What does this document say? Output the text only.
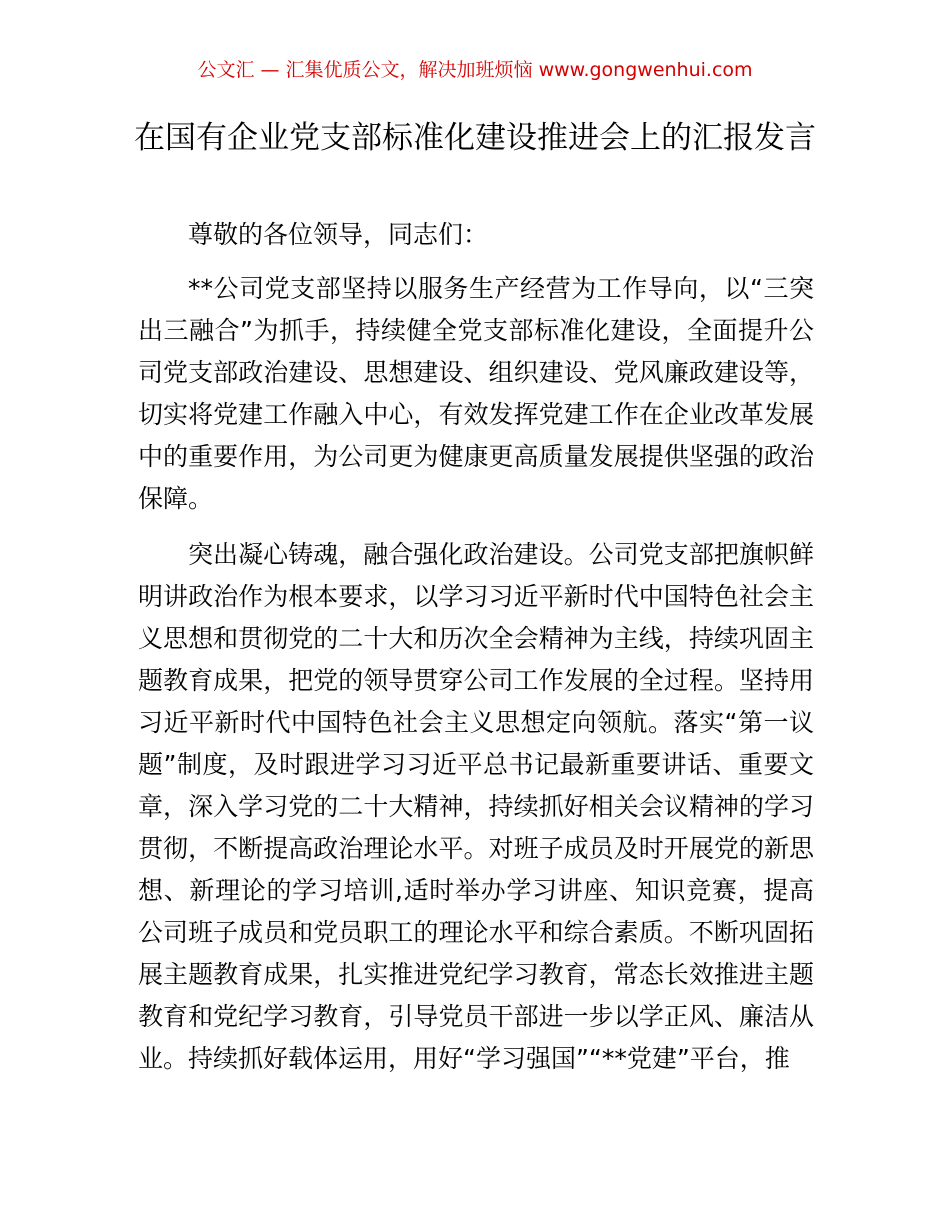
公文汇 — 汇集优质公文，解决加班烦恼 www.gongwenhui.com
在国有企业党支部标准化建设推进会上的汇报发言

尊敬的各位领导，同志们：

**公司党支部坚持以服务生产经营为工作导向，以“三突出三融合”为抓手，持续健全党支部标准化建设，全面提升公司党支部政治建设、思想建设、组织建设、党风廉政建设等，切实将党建工作融入中心，有效发挥党建工作在企业改革发展中的重要作用，为公司更为健康更高质量发展提供坚强的政治保障。

突出凝心铸魂，融合强化政治建设。公司党支部把旗帜鲜明讲政治作为根本要求，以学习习近平新时代中国特色社会主义思想和贯彻党的二十大和历次全会精神为主线，持续巩固主题教育成果，把党的领导贯穿公司工作发展的全过程。坚持用习近平新时代中国特色社会主义思想定向领航。落实“第一议题”制度，及时跟进学习习近平总书记最新重要讲话、重要文章，深入学习党的二十大精神，持续抓好相关会议精神的学习贯彻，不断提高政治理论水平。对班子成员及时开展党的新思想、新理论的学习培训,适时举办学习讲座、知识竞赛，提高公司班子成员和党员职工的理论水平和综合素质。不断巩固拓展主题教育成果，扎实推进党纪学习教育，常态长效推进主题教育和党纪学习教育，引导党员干部进一步以学正风、廉洁从业。持续抓好载体运用，用好“学习强国”“**党建”平台，推
